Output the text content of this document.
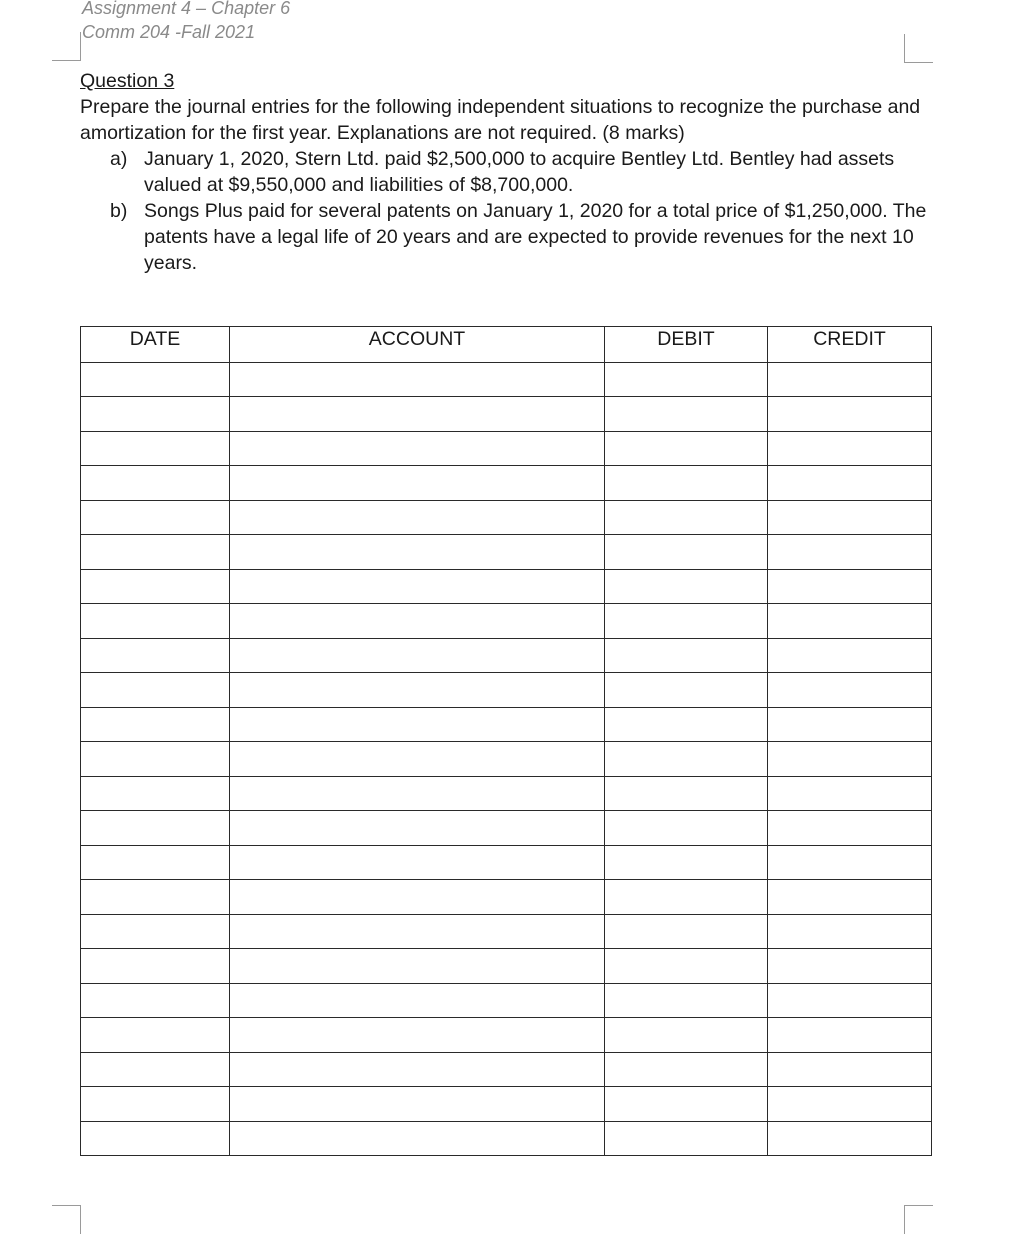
Assignment 4 – Chapter 6
Comm 204 -Fall 2021

Question 3

Prepare the journal entries for the following independent situations to recognize the purchase and amortization for the first year. Explanations are not required. (8 marks)

a) January 1, 2020, Stern Ltd. paid $2,500,000 to acquire Bentley Ltd. Bentley had assets valued at $9,550,000 and liabilities of $8,700,000.
b) Songs Plus paid for several patents on January 1, 2020 for a total price of $1,250,000. The patents have a legal life of 20 years and are expected to provide revenues for the next 10 years.
DATE	ACCOUNT	DEBIT	CREDIT
